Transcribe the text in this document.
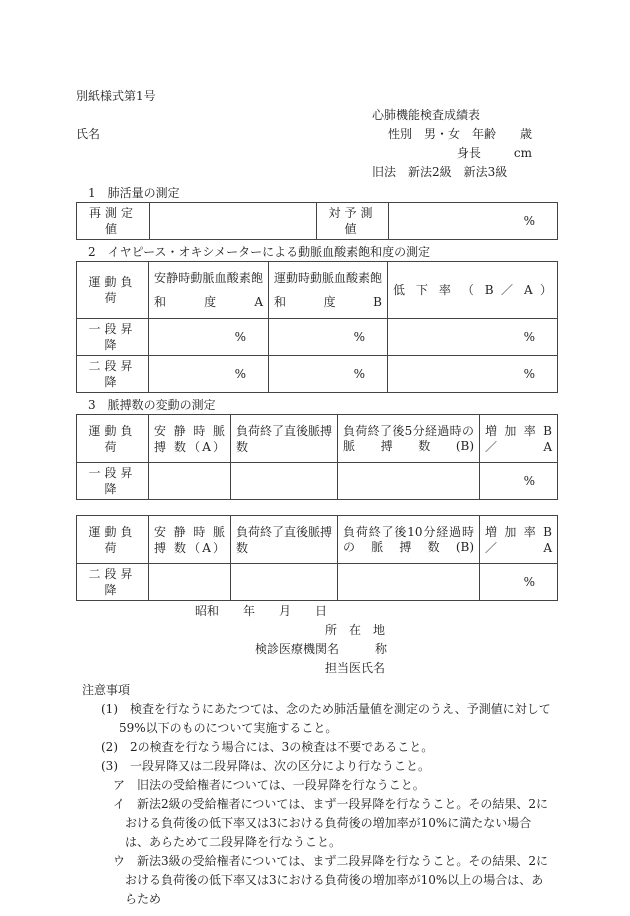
別紙様式第1号
心肺機能検査成績表
氏名	性別 男・女 年齢 歳
身長	cm
旧法　新法2級　新法3級
1　肺活量の測定
再測定値		対予測値	%
2　イヤピース・オキシメーターによる動脈血酸素飽和度の測定
運動負荷	安静時動脈血酸素飽和度A	運動時動脈血酸素飽和度B	低 下 率 （ B ／ A ）
一段昇降	%	%	%
二段昇降	%	%	%
3　脈搏数の変動の測定
運動負荷	安 静 時 脈 搏 数（A）	負荷終了直後脈搏数	負荷終了後5分経過時の脈搏数(B)	増 加 率 B ／ A
一段昇降				%
運動負荷	安 静 時 脈 搏 数（A）	負荷終了直後脈搏数	負荷終了後10分経過時の脈搏数(B)	増 加 率 B ／ A
二段昇降				%
昭和　　年　　月　　日
所　在　地
検診医療機関名　　　称
担当医氏名
注意事項
(1)　検査を行なうにあたつては、念のため肺活量値を測定のうえ、予測値に対して59%以下のものについて実施すること。
(2)　2の検査を行なう場合には、3の検査は不要であること。
(3)　一段昇降又は二段昇降は、次の区分により行なうこと。
ア　旧法の受給権者については、一段昇降を行なうこと。
イ　新法2級の受給権者については、まず一段昇降を行なうこと。その結果、2における負荷後の低下率又は3における負荷後の増加率が10%に満たない場合は、あらためて二段昇降を行なうこと。
ウ　新法3級の受給権者については、まず二段昇降を行なうこと。その結果、2における負荷後の低下率又は3における負荷後の増加率が10%以上の場合は、あらため
